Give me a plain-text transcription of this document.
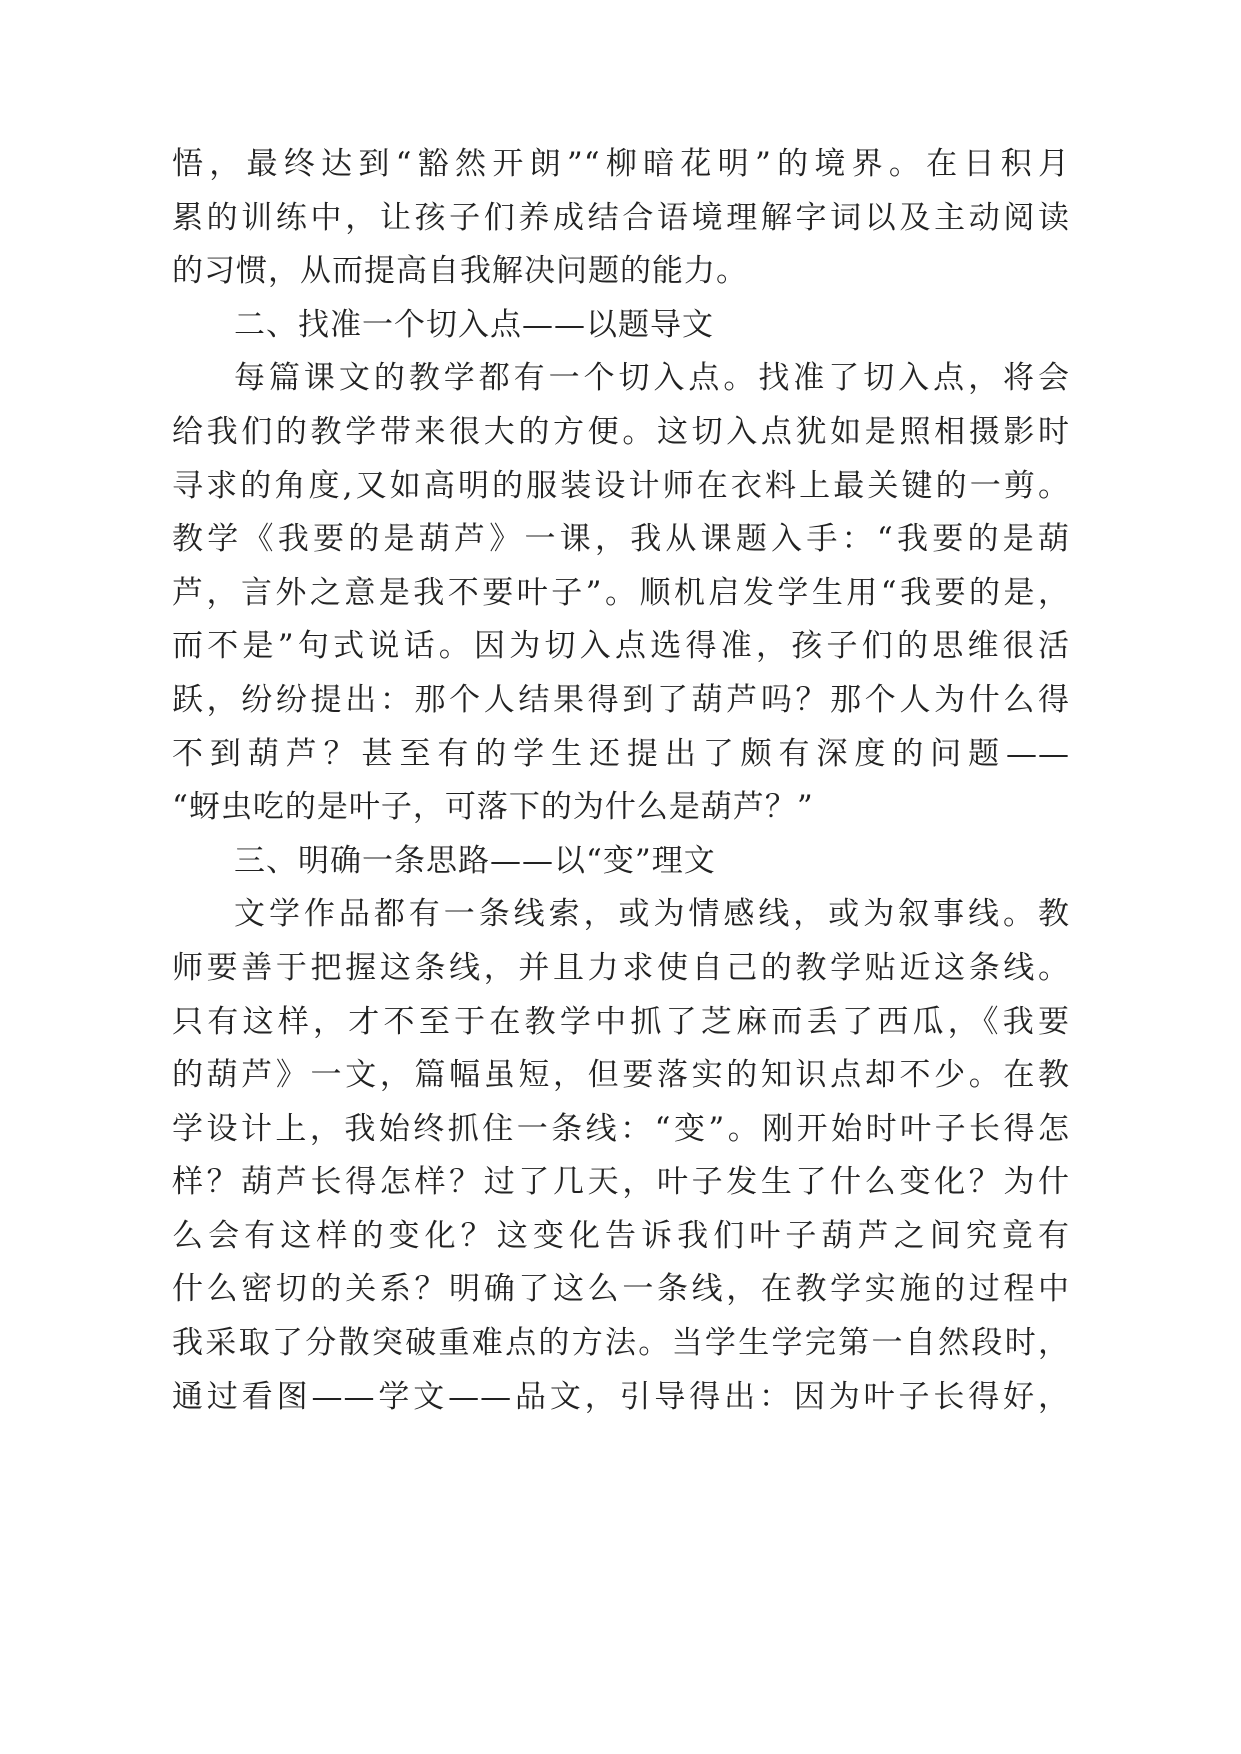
悟，最终达到“豁然开朗”“柳暗花明”的境界。在日积月
累的训练中，让孩子们养成结合语境理解字词以及主动阅读
的习惯，从而提高自我解决问题的能力。
二、找准一个切入点——以题导文
每篇课文的教学都有一个切入点。找准了切入点，将会
给我们的教学带来很大的方便。这切入点犹如是照相摄影时
寻求的角度,又如高明的服装设计师在衣料上最关键的一剪。
教学《我要的是葫芦》一课，我从课题入手：“我要的是葫
芦，言外之意是我不要叶子”。顺机启发学生用“我要的是，
而不是”句式说话。因为切入点选得准，孩子们的思维很活
跃，纷纷提出：那个人结果得到了葫芦吗？那个人为什么得
不到葫芦？甚至有的学生还提出了颇有深度的问题——
“蚜虫吃的是叶子，可落下的为什么是葫芦？”
三、明确一条思路——以“变”理文
文学作品都有一条线索，或为情感线，或为叙事线。教
师要善于把握这条线，并且力求使自己的教学贴近这条线。
只有这样，才不至于在教学中抓了芝麻而丢了西瓜，《我要
的葫芦》一文，篇幅虽短，但要落实的知识点却不少。在教
学设计上，我始终抓住一条线：“变”。刚开始时叶子长得怎
样？葫芦长得怎样？过了几天，叶子发生了什么变化？为什
么会有这样的变化？这变化告诉我们叶子葫芦之间究竟有
什么密切的关系？明确了这么一条线，在教学实施的过程中
我采取了分散突破重难点的方法。当学生学完第一自然段时，
通过看图——学文——品文，引导得出：因为叶子长得好，
